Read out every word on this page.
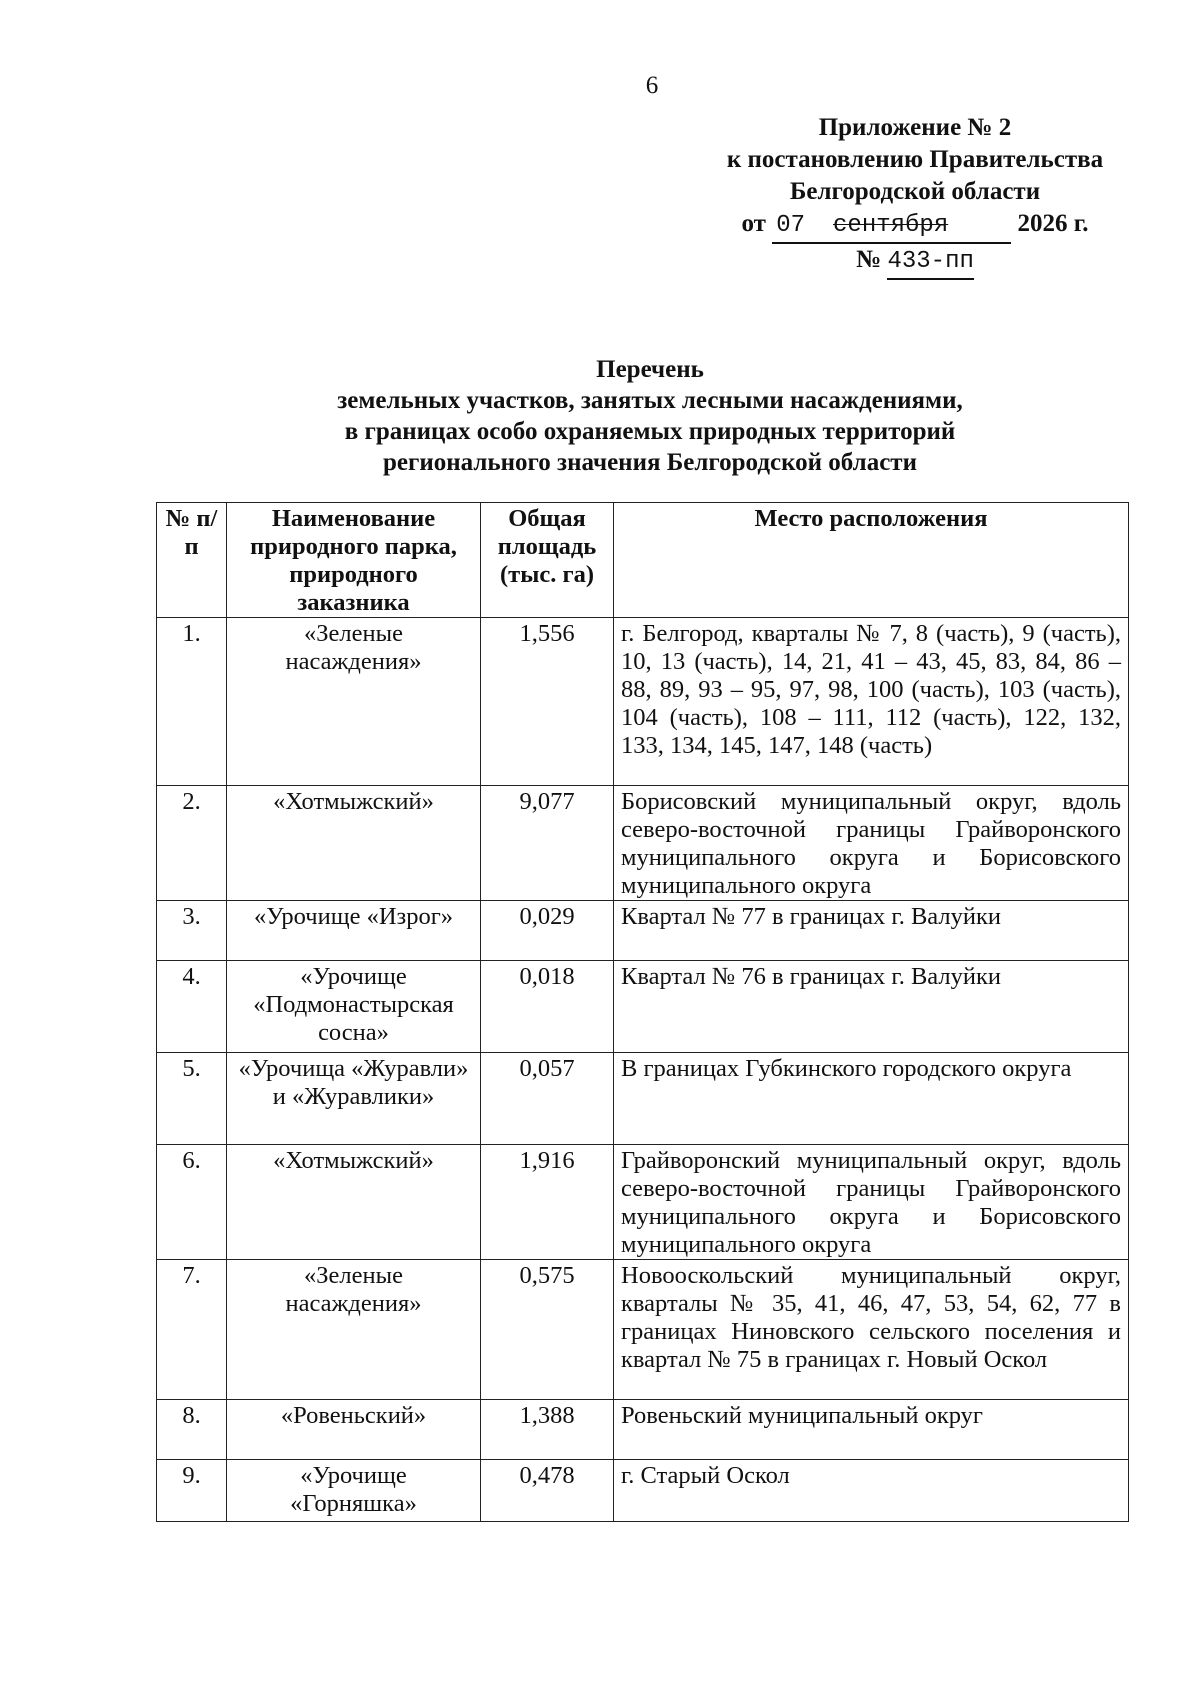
6
Приложение № 2
к постановлению Правительства
Белгородской области
от 07 сентября	2026 г.
№ 433-пп
Перечень
земельных участков, занятых лесными насаждениями,
в границах особо охраняемых природных территорий
регионального значения Белгородской области
№ п/п	Наименование природного парка, природного заказника	Общая площадь (тыс. га)	Место расположения
1.	«Зеленые насаждения»	1,556	г. Белгород, кварталы № 7, 8 (часть), 9 (часть), 10, 13 (часть), 14, 21, 41 – 43, 45, 83, 84, 86 – 88, 89, 93 – 95, 97, 98, 100 (часть), 103 (часть), 104 (часть), 108 – 111, 112 (часть), 122, 132, 133, 134, 145, 147, 148 (часть)
2.	«Хотмыжский»	9,077	Борисовский муниципальный округ, вдоль северо-восточной границы Грайворонского муниципального округа и Борисовского муниципального округа
3.	«Урочище «Изрог»	0,029	Квартал № 77 в границах г. Валуйки
4.	«Урочище «Подмонастырская сосна»	0,018	Квартал № 76 в границах г. Валуйки
5.	«Урочища «Журавли» и «Журавлики»	0,057	В границах Губкинского городского округа
6.	«Хотмыжский»	1,916	Грайворонский муниципальный округ, вдоль северо-восточной границы Грайворонского муниципального округа и Борисовского муниципального округа
7.	«Зеленые насаждения»	0,575	Новооскольский муниципальный округ, кварталы № 35, 41, 46, 47, 53, 54, 62, 77 в границах Ниновского сельского поселения и квартал № 75 в границах г. Новый Оскол
8.	«Ровеньский»	1,388	Ровеньский муниципальный округ
9.	«Урочище «Горняшка»	0,478	г. Старый Оскол
